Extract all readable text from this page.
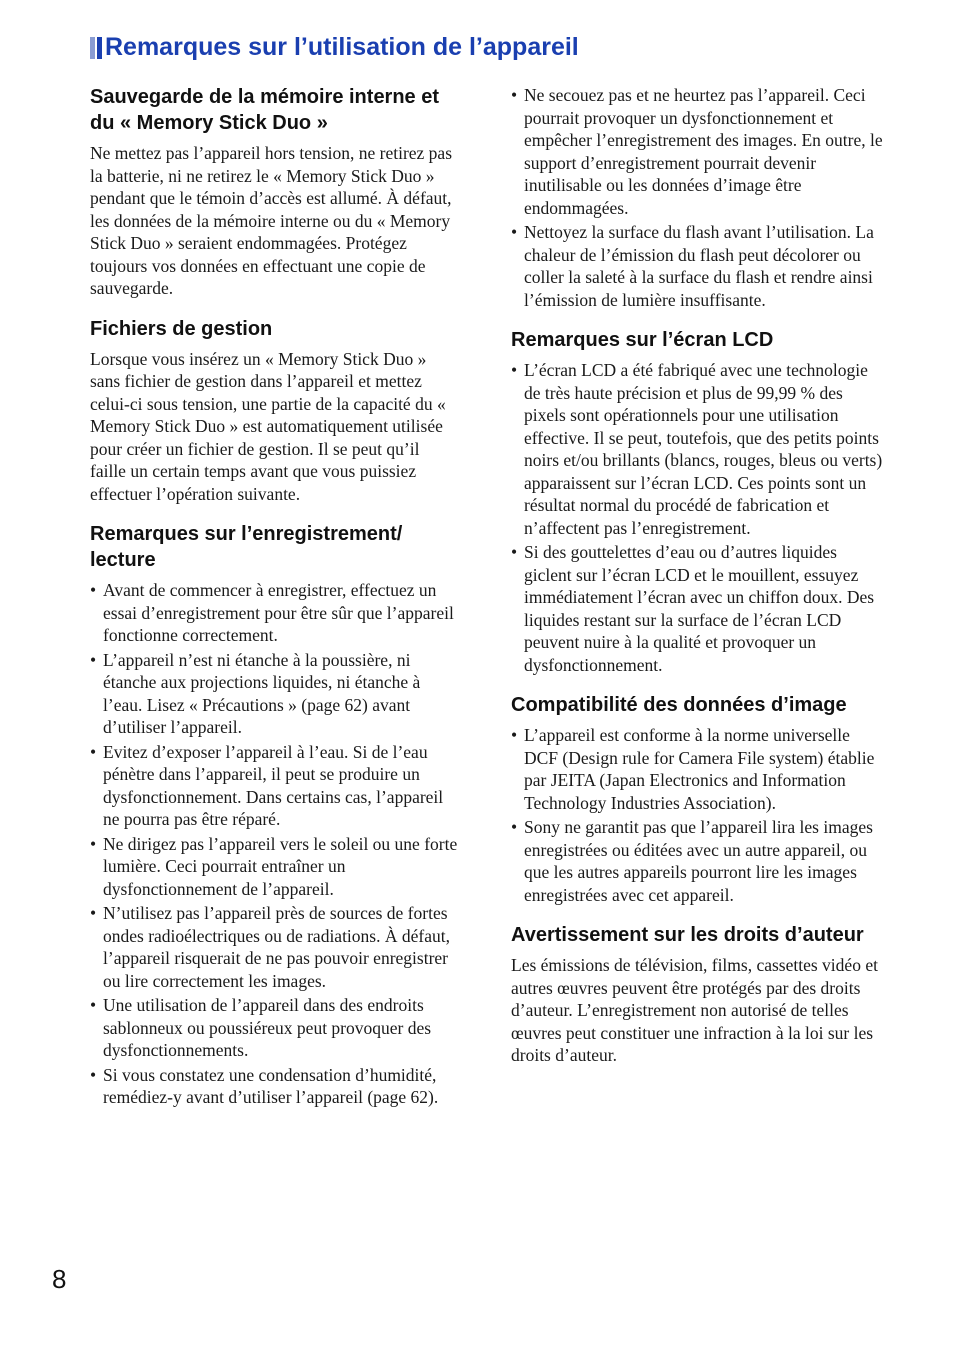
Remarques sur l’utilisation de l’appareil
Sauvegarde de la mémoire interne et du « Memory Stick Duo »

Ne mettez pas l’appareil hors tension, ne retirez pas la batterie, ni ne retirez le « Memory Stick Duo » pendant que le témoin d’accès est allumé. À défaut, les données de la mémoire interne ou du « Memory Stick Duo » seraient endommagées. Protégez toujours vos données en effectuant une copie de sauvegarde.

Fichiers de gestion

Lorsque vous insérez un « Memory Stick Duo » sans fichier de gestion dans l’appareil et mettez celui-ci sous tension, une partie de la capacité du « Memory Stick Duo » est automatiquement utilisée pour créer un fichier de gestion. Il se peut qu’il faille un certain temps avant que vous puissiez effectuer l’opération suivante.

Remarques sur l’enregistrement/ lecture
• Avant de commencer à enregistrer, effectuez un essai d’enregistrement pour être sûr que l’appareil fonctionne correctement.
• L’appareil n’est ni étanche à la poussière, ni étanche aux projections liquides, ni étanche à l’eau. Lisez « Précautions » (page 62) avant d’utiliser l’appareil.
• Evitez d’exposer l’appareil à l’eau. Si de l’eau pénètre dans l’appareil, il peut se produire un dysfonctionnement. Dans certains cas, l’appareil ne pourra pas être réparé.
• Ne dirigez pas l’appareil vers le soleil ou une forte lumière. Ceci pourrait entraîner un dysfonctionnement de l’appareil.
• N’utilisez pas l’appareil près de sources de fortes ondes radioélectriques ou de radiations. À défaut, l’appareil risquerait de ne pas pouvoir enregistrer ou lire correctement les images.
• Une utilisation de l’appareil dans des endroits sablonneux ou poussiéreux peut provoquer des dysfonctionnements.
• Si vous constatez une condensation d’humidité, remédiez-y avant d’utiliser l’appareil (page 62).
• Ne secouez pas et ne heurtez pas l’appareil. Ceci pourrait provoquer un dysfonctionnement et empêcher l’enregistrement des images. En outre, le support d’enregistrement pourrait devenir inutilisable ou les données d’image être endommagées.
• Nettoyez la surface du flash avant l’utilisation. La chaleur de l’émission du flash peut décolorer ou coller la saleté à la surface du flash et rendre ainsi l’émission de lumière insuffisante.
Remarques sur l’écran LCD
• L’écran LCD a été fabriqué avec une technologie de très haute précision et plus de 99,99 % des pixels sont opérationnels pour une utilisation effective. Il se peut, toutefois, que des petits points noirs et/ou brillants (blancs, rouges, bleus ou verts) apparaissent sur l’écran LCD. Ces points sont un résultat normal du procédé de fabrication et n’affectent pas l’enregistrement.
• Si des gouttelettes d’eau ou d’autres liquides giclent sur l’écran LCD et le mouillent, essuyez immédiatement l’écran avec un chiffon doux. Des liquides restant sur la surface de l’écran LCD peuvent nuire à la qualité et provoquer un dysfonctionnement.
Compatibilité des données d’image
• L’appareil est conforme à la norme universelle DCF (Design rule for Camera File system) établie par JEITA (Japan Electronics and Information Technology Industries Association).
• Sony ne garantit pas que l’appareil lira les images enregistrées ou éditées avec un autre appareil, ou que les autres appareils pourront lire les images enregistrées avec cet appareil.
Avertissement sur les droits d’auteur

Les émissions de télévision, films, cassettes vidéo et autres œuvres peuvent être protégés par des droits d’auteur. L’enregistrement non autorisé de telles œuvres peut constituer une infraction à la loi sur les droits d’auteur.

8
